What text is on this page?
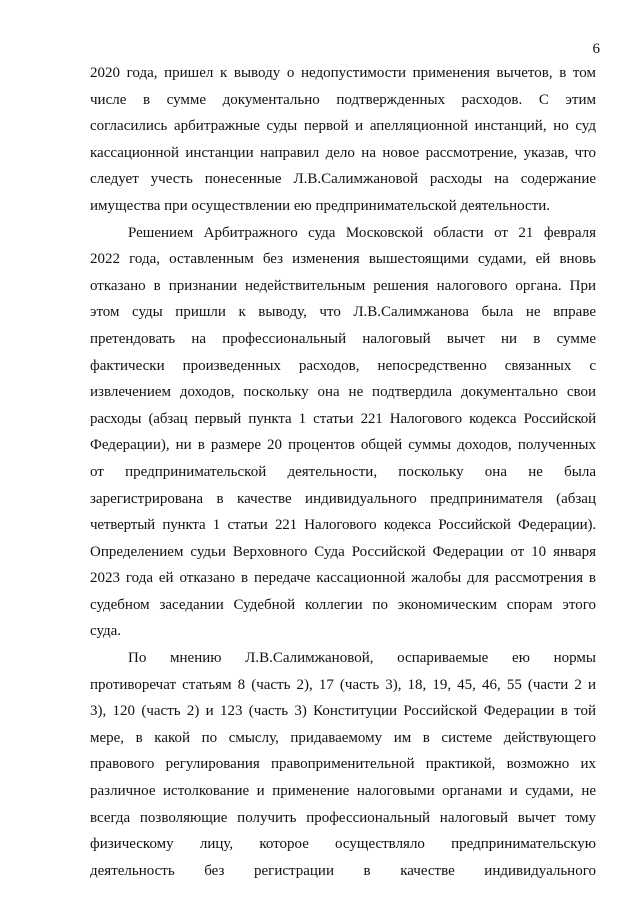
6

2020 года, пришел к выводу о недопустимости применения вычетов, в том
числе в сумме документально подтвержденных расходов. С этим
согласились арбитражные суды первой и апелляционной инстанций, но суд
кассационной инстанции направил дело на новое рассмотрение, указав, что
следует учесть понесенные Л.В.Салимжановой расходы на содержание
имущества при осуществлении ею предпринимательской деятельности.

Решением Арбитражного суда Московской области от 21 февраля
2022 года, оставленным без изменения вышестоящими судами, ей вновь
отказано в признании недействительным решения налогового органа. При
этом суды пришли к выводу, что Л.В.Салимжанова была не вправе
претендовать на профессиональный налоговый вычет ни в сумме
фактически произведенных расходов, непосредственно связанных с
извлечением доходов, поскольку она не подтвердила документально свои
расходы (абзац первый пункта 1 статьи 221 Налогового кодекса Российской
Федерации), ни в размере 20 процентов общей суммы доходов, полученных
от предпринимательской деятельности, поскольку она не была
зарегистрирована в качестве индивидуального предпринимателя (абзац
четвертый пункта 1 статьи 221 Налогового кодекса Российской Федерации).
Определением судьи Верховного Суда Российской Федерации от 10 января
2023 года ей отказано в передаче кассационной жалобы для рассмотрения в
судебном заседании Судебной коллегии по экономическим спорам этого
суда.

По мнению Л.В.Салимжановой, оспариваемые ею нормы
противоречат статьям 8 (часть 2), 17 (часть 3), 18, 19, 45, 46, 55 (части 2 и
3), 120 (часть 2) и 123 (часть 3) Конституции Российской Федерации в той
мере, в какой по смыслу, придаваемому им в системе действующего
правового регулирования правоприменительной практикой, возможно их
различное истолкование и применение налоговыми органами и судами, не
всегда позволяющие получить профессиональный налоговый вычет тому
физическому лицу, которое осуществляло предпринимательскую
деятельность без регистрации в качестве индивидуального
